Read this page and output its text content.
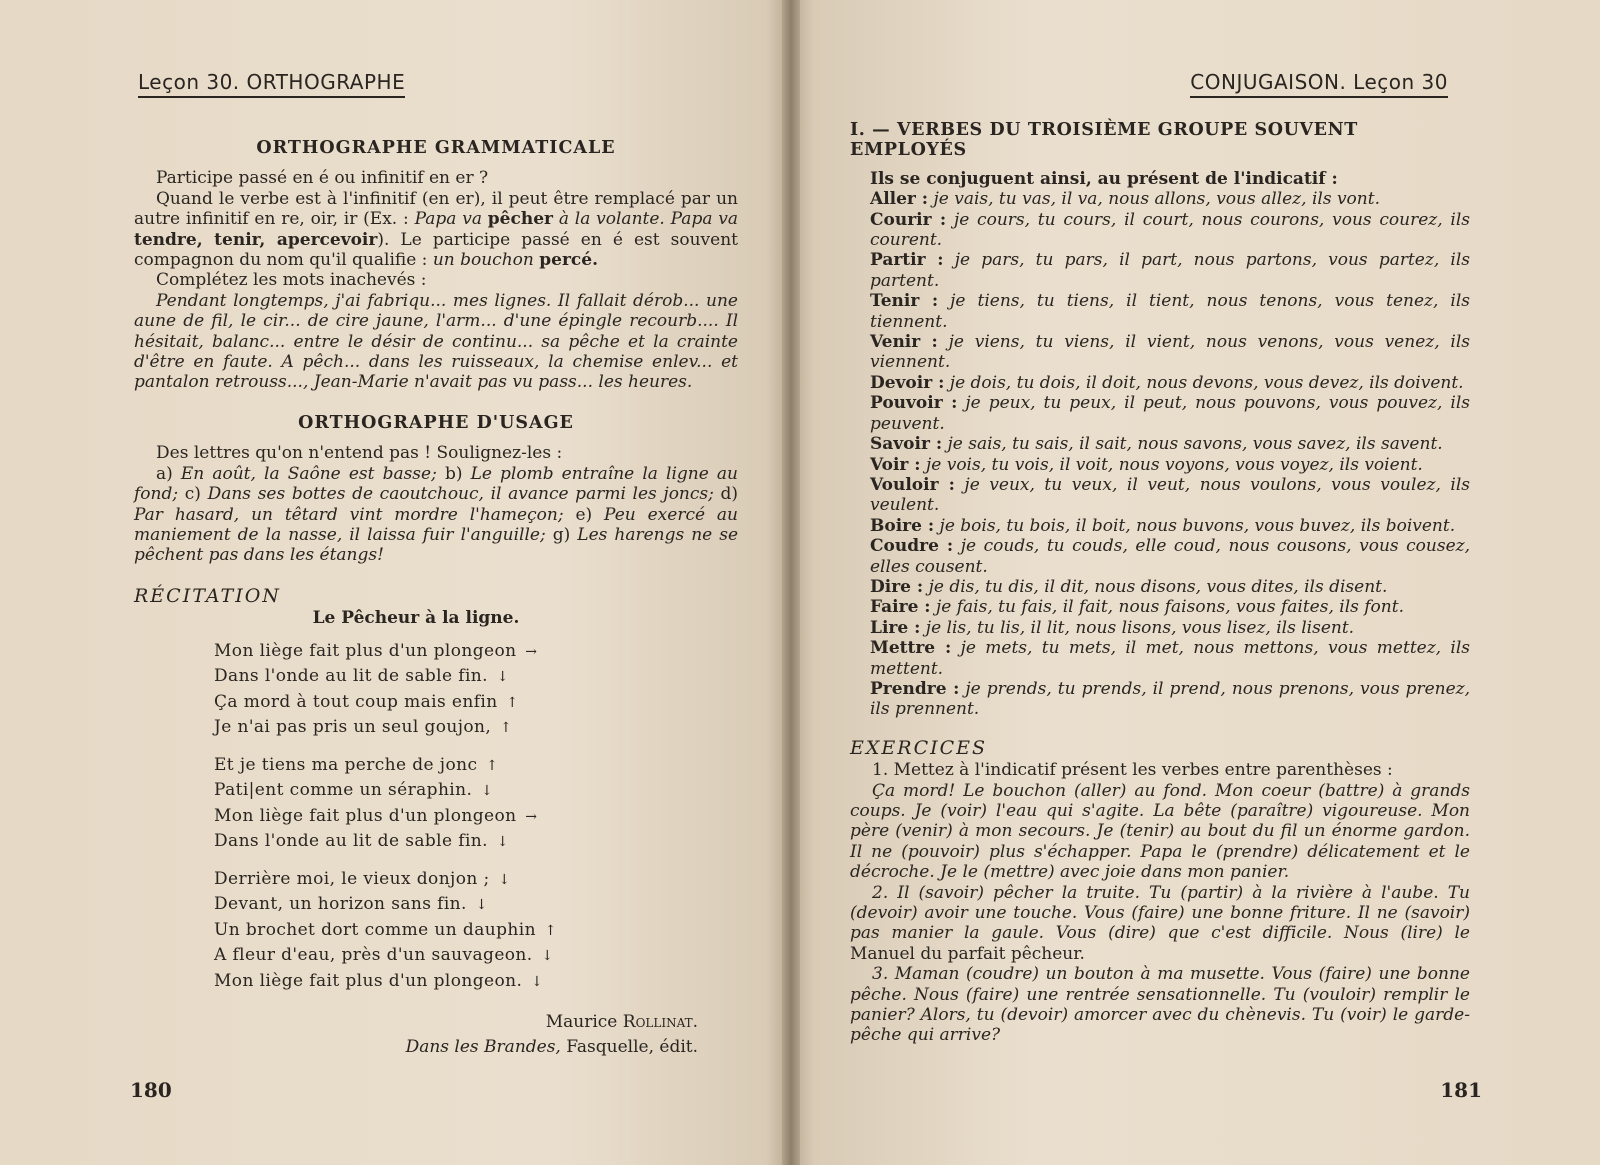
Leçon 30. ORTHOGRAPHE
ORTHOGRAPHE GRAMMATICALE

Participe passé en é ou infinitif en er ?

Quand le verbe est à l'infinitif (en er), il peut être remplacé par un autre infinitif en re, oir, ir (Ex. : Papa va pêcher à la volante. Papa va tendre, tenir, apercevoir). Le participe passé en é est souvent compagnon du nom qu'il qualifie : un bouchon percé.

Complétez les mots inachevés :

Pendant longtemps, j'ai fabriqu... mes lignes. Il fallait dérob... une aune de fil, le cir... de cire jaune, l'arm... d'une épingle recourb.... Il hésitait, balanc... entre le désir de continu... sa pêche et la crainte d'être en faute. A pêch... dans les ruisseaux, la chemise enlev... et pantalon retrouss..., Jean-Marie n'avait pas vu pass... les heures.

ORTHOGRAPHE D'USAGE

Des lettres qu'on n'entend pas ! Soulignez-les :

a) En août, la Saône est basse; b) Le plomb entraîne la ligne au fond; c) Dans ses bottes de caoutchouc, il avance parmi les joncs; d) Par hasard, un têtard vint mordre l'hameçon; e) Peu exercé au maniement de la nasse, il laissa fuir l'anguille; g) Les harengs ne se pêchent pas dans les étangs!

RÉCITATION
Le Pêcheur à la ligne.
Mon liège fait plus d'un plongeon →
Dans l'onde au lit de sable fin. ↓
Ça mord à tout coup mais enfin ↑
Je n'ai pas pris un seul goujon, ↑
Et je tiens ma perche de jonc ↑
Pati|ent comme un séraphin. ↓
Mon liège fait plus d'un plongeon →
Dans l'onde au lit de sable fin. ↓
Derrière moi, le vieux donjon ; ↓
Devant, un horizon sans fin. ↓
Un brochet dort comme un dauphin ↑
A fleur d'eau, près d'un sauvageon. ↓
Mon liège fait plus d'un plongeon. ↓
Maurice Rollinat.
Dans les Brandes, Fasquelle, édit.
180
CONJUGAISON. Leçon 30
I. — VERBES DU TROISIÈME GROUPE SOUVENT EMPLOYÉS

Ils se conjuguent ainsi, au présent de l'indicatif :

Aller : je vais, tu vas, il va, nous allons, vous allez, ils vont.

Courir : je cours, tu cours, il court, nous courons, vous courez, ils courent.

Partir : je pars, tu pars, il part, nous partons, vous partez, ils partent.

Tenir : je tiens, tu tiens, il tient, nous tenons, vous tenez, ils tiennent.

Venir : je viens, tu viens, il vient, nous venons, vous venez, ils viennent.

Devoir : je dois, tu dois, il doit, nous devons, vous devez, ils doivent.

Pouvoir : je peux, tu peux, il peut, nous pouvons, vous pouvez, ils peuvent.

Savoir : je sais, tu sais, il sait, nous savons, vous savez, ils savent.

Voir : je vois, tu vois, il voit, nous voyons, vous voyez, ils voient.

Vouloir : je veux, tu veux, il veut, nous voulons, vous voulez, ils veulent.

Boire : je bois, tu bois, il boit, nous buvons, vous buvez, ils boivent.

Coudre : je couds, tu couds, elle coud, nous cousons, vous cousez, elles cousent.

Dire : je dis, tu dis, il dit, nous disons, vous dites, ils disent.

Faire : je fais, tu fais, il fait, nous faisons, vous faites, ils font.

Lire : je lis, tu lis, il lit, nous lisons, vous lisez, ils lisent.

Mettre : je mets, tu mets, il met, nous mettons, vous mettez, ils mettent.

Prendre : je prends, tu prends, il prend, nous prenons, vous prenez, ils prennent.

EXERCICES

1. Mettez à l'indicatif présent les verbes entre parenthèses :

Ça mord! Le bouchon (aller) au fond. Mon coeur (battre) à grands coups. Je (voir) l'eau qui s'agite. La bête (paraître) vigoureuse. Mon père (venir) à mon secours. Je (tenir) au bout du fil un énorme gardon. Il ne (pouvoir) plus s'échapper. Papa le (prendre) délicatement et le décroche. Je le (mettre) avec joie dans mon panier.

2. Il (savoir) pêcher la truite. Tu (partir) à la rivière à l'aube. Tu (devoir) avoir une touche. Vous (faire) une bonne friture. Il ne (savoir) pas manier la gaule. Vous (dire) que c'est difficile. Nous (lire) le Manuel du parfait pêcheur.

3. Maman (coudre) un bouton à ma musette. Vous (faire) une bonne pêche. Nous (faire) une rentrée sensationnelle. Tu (vouloir) remplir le panier? Alors, tu (devoir) amorcer avec du chènevis. Tu (voir) le garde-pêche qui arrive?

181
